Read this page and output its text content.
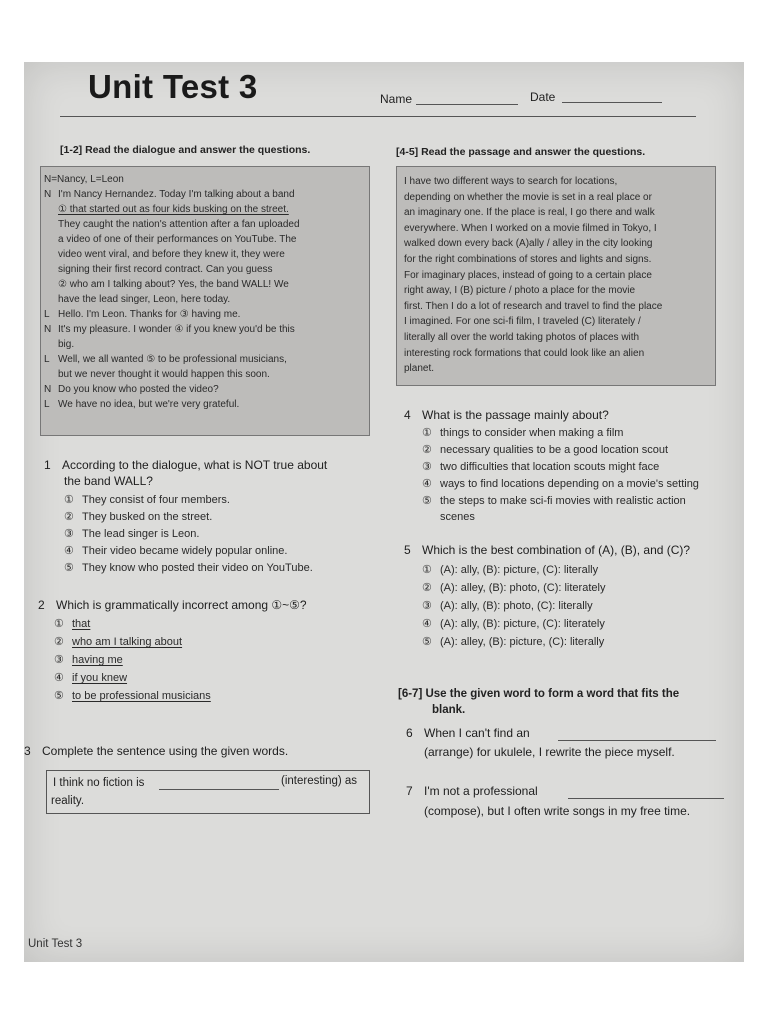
Unit Test 3	Name	Date
[1-2] Read the dialogue and answer the questions.
N=Nancy, L=Leon
N I'm Nancy Hernandez. Today I'm talking about a band
① that started out as four kids busking on the street.
They caught the nation's attention after a fan uploaded
a video of one of their performances on YouTube. The
video went viral, and before they knew it, they were
signing their first record contract. Can you guess
② who am I talking about? Yes, the band WALL! We
have the lead singer, Leon, here today.
L Hello. I'm Leon. Thanks for ③ having me.
N It's my pleasure. I wonder ④ if you knew you'd be this
big.
L Well, we all wanted ⑤ to be professional musicians,
but we never thought it would happen this soon.
N Do you know who posted the video?
L We have no idea, but we're very grateful.
1 According to the dialogue, what is NOT true about
the band WALL?
① They consist of four members.
② They busked on the street.
③ The lead singer is Leon.
④ Their video became widely popular online.
⑤ They know who posted their video on YouTube.
2 Which is grammatically incorrect among ①~⑤?
① that
② who am I talking about
③ having me
④ if you knew
⑤ to be professional musicians
3 Complete the sentence using the given words.
I think no fiction is	(interesting) as
reality.
[4-5] Read the passage and answer the questions.
I have two different ways to search for locations,
depending on whether the movie is set in a real place or
an imaginary one. If the place is real, I go there and walk
everywhere. When I worked on a movie filmed in Tokyo, I
walked down every back (A)ally / alley in the city looking
for the right combinations of stores and lights and signs.
For imaginary places, instead of going to a certain place
right away, I (B) picture / photo a place for the movie
first. Then I do a lot of research and travel to find the place
I imagined. For one sci-fi film, I traveled (C) literately /
literally all over the world taking photos of places with
interesting rock formations that could look like an alien
planet.
4 What is the passage mainly about?
① things to consider when making a film
② necessary qualities to be a good location scout
③ two difficulties that location scouts might face
④ ways to find locations depending on a movie's setting
⑤ the steps to make sci-fi movies with realistic action
scenes
5 Which is the best combination of (A), (B), and (C)?
① (A): ally, (B): picture, (C): literally
② (A): alley, (B): photo, (C): literately
③ (A): ally, (B): photo, (C): literally
④ (A): ally, (B): picture, (C): literately
⑤ (A): alley, (B): picture, (C): literally
[6-7] Use the given word to form a word that fits the
blank.
6 When I can't find an
(arrange) for ukulele, I rewrite the piece myself.
7 I'm not a professional
(compose), but I often write songs in my free time.
Unit Test 3
